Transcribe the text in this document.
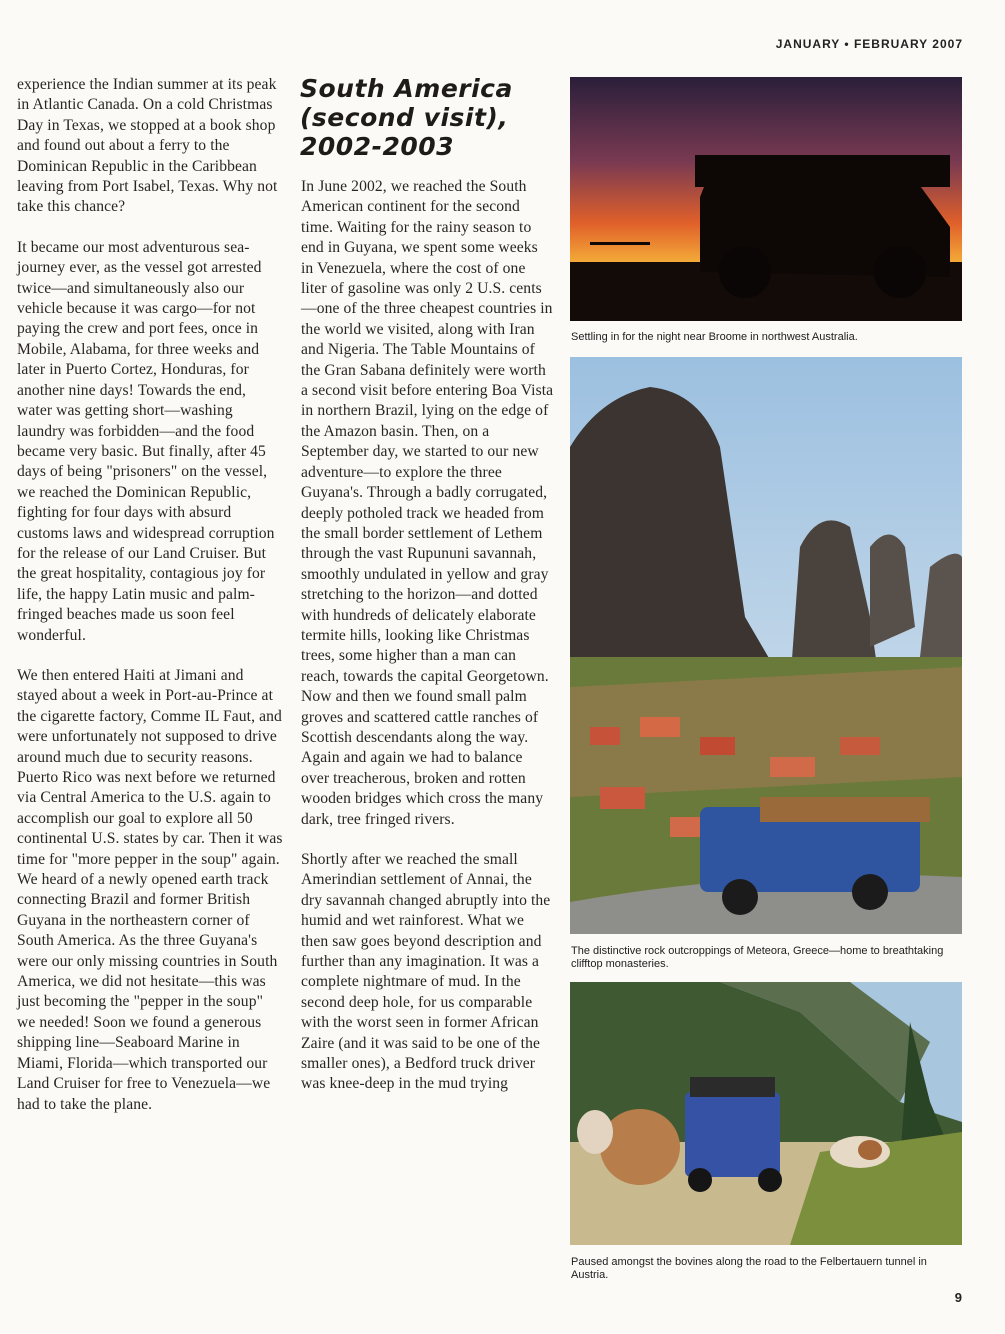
JANUARY • FEBRUARY 2007

experience the Indian summer at its peak in Atlantic Canada. On a cold Christmas Day in Texas, we stopped at a book shop and found out about a ferry to the Dominican Republic in the Caribbean leaving from Port Isabel, Texas. Why not take this chance?

It became our most adventurous sea-journey ever, as the vessel got arrested twice—and simultaneously also our vehicle because it was cargo—for not paying the crew and port fees, once in Mobile, Alabama, for three weeks and later in Puerto Cortez, Honduras, for another nine days! Towards the end, water was getting short—washing laundry was forbidden—and the food became very basic. But finally, after 45 days of being "prisoners" on the vessel, we reached the Dominican Republic, fighting for four days with absurd customs laws and widespread corruption for the release of our Land Cruiser. But the great hospitality, contagious joy for life, the happy Latin music and palm-fringed beaches made us soon feel wonderful.

We then entered Haiti at Jimani and stayed about a week in Port-au-Prince at the cigarette factory, Comme IL Faut, and were unfortunately not supposed to drive around much due to security reasons. Puerto Rico was next before we returned via Central America to the U.S. again to accomplish our goal to explore all 50 continental U.S. states by car. Then it was time for "more pepper in the soup" again. We heard of a newly opened earth track connecting Brazil and former British Guyana in the northeastern corner of South America. As the three Guyana's were our only missing countries in South America, we did not hesitate—this was just becoming the "pepper in the soup" we needed! Soon we found a generous shipping line—Seaboard Marine in Miami, Florida—which transported our Land Cruiser for free to Venezuela—we had to take the plane.

South America (second visit), 2002-2003

In June 2002, we reached the South American continent for the second time. Waiting for the rainy season to end in Guyana, we spent some weeks in Venezuela, where the cost of one liter of gasoline was only 2 U.S. cents—one of the three cheapest countries in the world we visited, along with Iran and Nigeria. The Table Mountains of the Gran Sabana definitely were worth a second visit before entering Boa Vista in northern Brazil, lying on the edge of the Amazon basin. Then, on a September day, we started to our new adventure—to explore the three Guyana's. Through a badly corrugated, deeply potholed track we headed from the small border settlement of Lethem through the vast Rupununi savannah, smoothly undulated in yellow and gray stretching to the horizon—and dotted with hundreds of delicately elaborate termite hills, looking like Christmas trees, some higher than a man can reach, towards the capital Georgetown. Now and then we found small palm groves and scattered cattle ranches of Scottish descendants along the way. Again and again we had to balance over treacherous, broken and rotten wooden bridges which cross the many dark, tree fringed rivers.

Shortly after we reached the small Amerindian settlement of Annai, the dry savannah changed abruptly into the humid and wet rainforest. What we then saw goes beyond description and further than any imagination. It was a complete nightmare of mud. In the second deep hole, for us comparable with the worst seen in former African Zaire (and it was said to be one of the smaller ones), a Bedford truck driver was knee-deep in the mud trying

Settling in for the night near Broome in northwest Australia.
The distinctive rock outcroppings of Meteora, Greece—home to breathtaking clifftop monasteries.
Paused amongst the bovines along the road to the Felbertauern tunnel in Austria.
9
